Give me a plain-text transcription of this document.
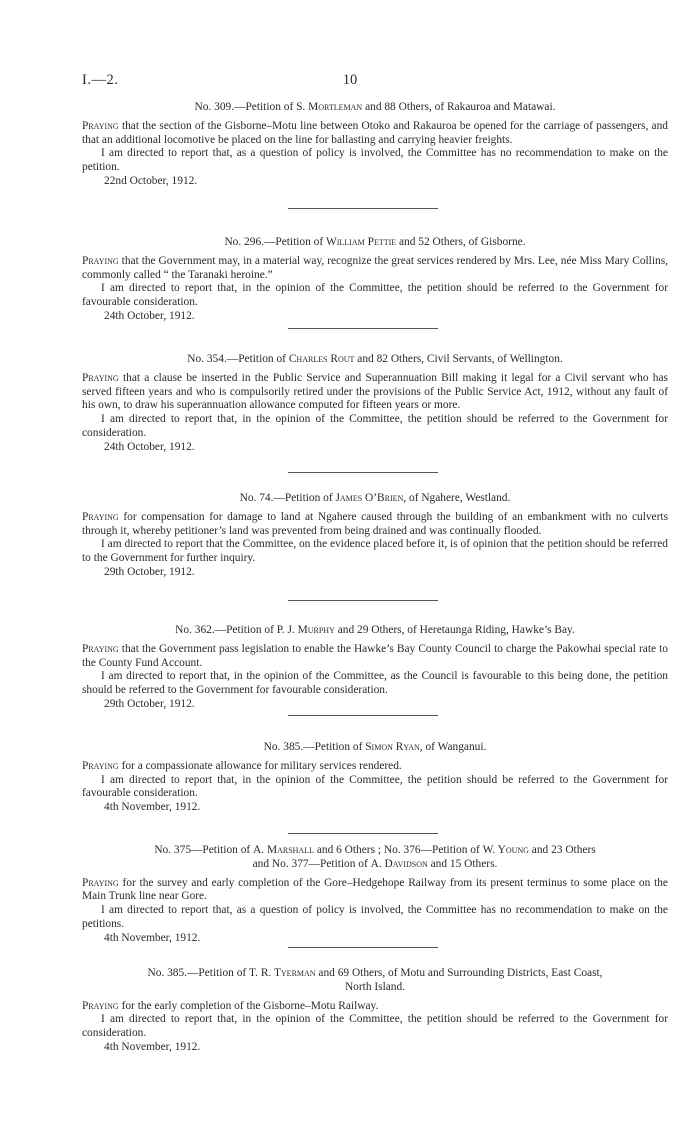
I.—2.	10
No. 309.—Petition of S. Mortleman and 88 Others, of Rakauroa and Matawai.
Praying that the section of the Gisborne–Motu line between Otoko and Rakauroa be opened for the carriage of passengers, and that an additional locomotive be placed on the line for ballasting and carrying heavier freights.
I am directed to report that, as a question of policy is involved, the Committee has no recommendation to make on the petition.
22nd October, 1912.
No. 296.—Petition of William Pettie and 52 Others, of Gisborne.
Praying that the Government may, in a material way, recognize the great services rendered by Mrs. Lee, née Miss Mary Collins, commonly called “ the Taranaki heroine.”
I am directed to report that, in the opinion of the Committee, the petition should be referred to the Government for favourable consideration.
24th October, 1912.
No. 354.—Petition of Charles Rout and 82 Others, Civil Servants, of Wellington.
Praying that a clause be inserted in the Public Service and Superannuation Bill making it legal for a Civil servant who has served fifteen years and who is compulsorily retired under the provisions of the Public Service Act, 1912, without any fault of his own, to draw his superannuation allowance computed for fifteen years or more.
I am directed to report that, in the opinion of the Committee, the petition should be referred to the Government for consideration.
24th October, 1912.
No. 74.—Petition of James O’Brien, of Ngahere, Westland.
Praying for compensation for damage to land at Ngahere caused through the building of an embankment with no culverts through it, whereby petitioner’s land was prevented from being drained and was continually flooded.
I am directed to report that the Committee, on the evidence placed before it, is of opinion that the petition should be referred to the Government for further inquiry.
29th October, 1912.
No. 362.—Petition of P. J. Murphy and 29 Others, of Heretaunga Riding, Hawke’s Bay.
Praying that the Government pass legislation to enable the Hawke’s Bay County Council to charge the Pakowhai special rate to the County Fund Account.
I am directed to report that, in the opinion of the Committee, as the Council is favourable to this being done, the petition should be referred to the Government for favourable consideration.
29th October, 1912.
No. 385.—Petition of Simon Ryan, of Wanganui.
Praying for a compassionate allowance for military services rendered.
I am directed to report that, in the opinion of the Committee, the petition should be referred to the Government for favourable consideration.
4th November, 1912.
No. 375—Petition of A. Marshall and 6 Others ; No. 376—Petition of W. Young and 23 Others
and No. 377—Petition of A. Davidson and 15 Others.
Praying for the survey and early completion of the Gore–Hedgehope Railway from its present terminus to some place on the Main Trunk line near Gore.
I am directed to report that, as a question of policy is involved, the Committee has no recommendation to make on the petitions.
4th November, 1912.
No. 385.—Petition of T. R. Tyerman and 69 Others, of Motu and Surrounding Districts, East Coast,
North Island.
Praying for the early completion of the Gisborne–Motu Railway.
I am directed to report that, in the opinion of the Committee, the petition should be referred to the Government for consideration.
4th November, 1912.
